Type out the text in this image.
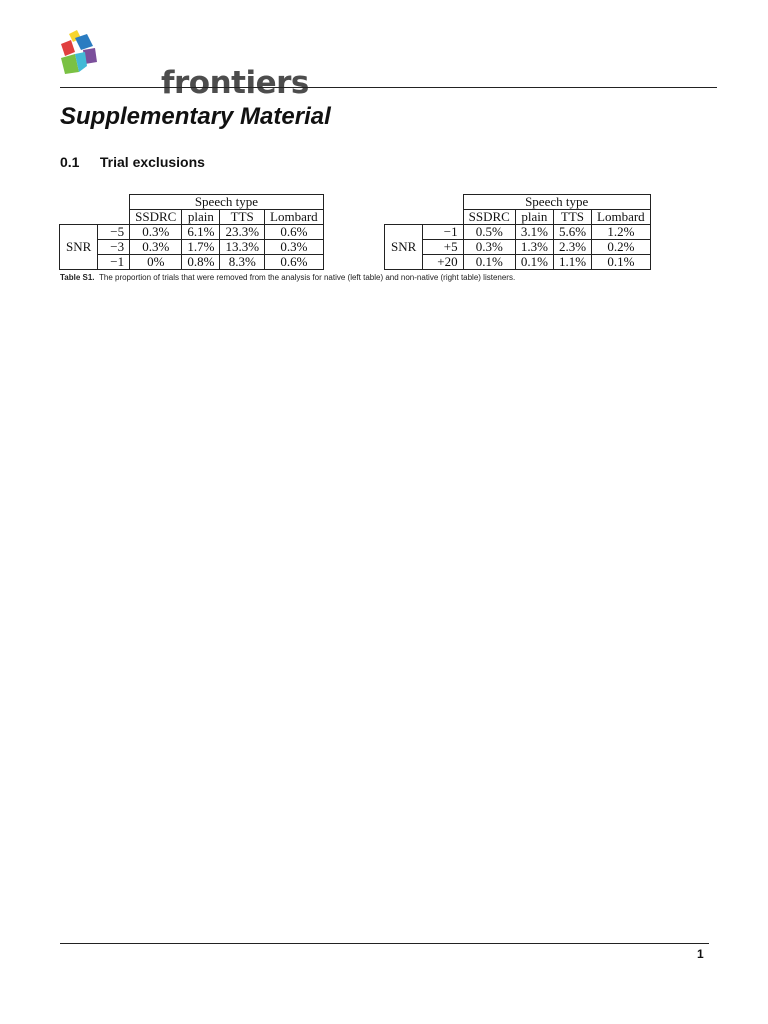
frontiers
Supplementary Material
0.1 Trial exclusions
		Speech type			
		SSDRC	plain	TTS	Lombard
SNR	−5	0.3%	6.1%	23.3%	0.6%
	−3	0.3%	1.7%	13.3%	0.3%
	−1	0%	0.8%	8.3%	0.6%
		Speech type			
		SSDRC	plain	TTS	Lombard
SNR	−1	0.5%	3.1%	5.6%	1.2%
	+5	0.3%	1.3%	2.3%	0.2%
	+20	0.1%	0.1%	1.1%	0.1%
Table S1. The proportion of trials that were removed from the analysis for native (left table) and non-native (right table) listeners.
1
